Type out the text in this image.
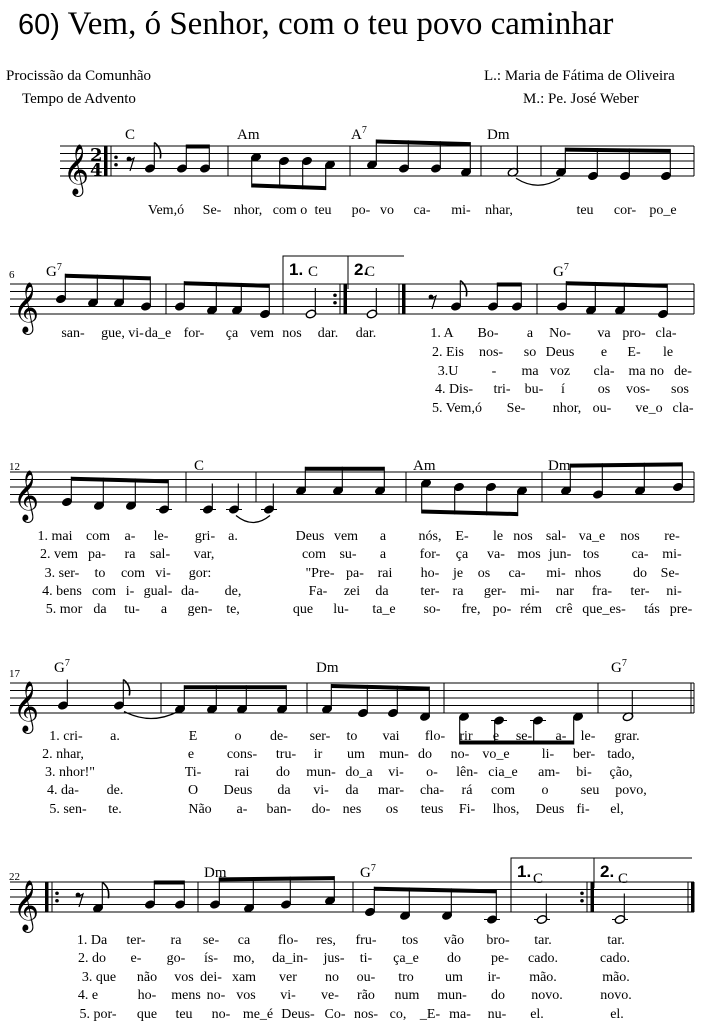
60) Vem, ó Senhor, com o teu povo caminhar
Procissão da Comunhão
Tempo de Advento
L.: Maria de Fátima de Oliveira
M.: Pe. José Weber
𝄞 2
4
C	Am	$A^7$	Dm
Vem,ó Se- nhor, com o teu po- vo ca- mi- nhar,	teu cor- po_e
𝄞
6 $G^7$	1. C 2.
C	$G^7$
san- gue, vi- da_e for- ça vem nos dar. dar.	1. A Bo- a No- va pro- cla-
2. Eis nos- so Deus e E- le
3.U - ma voz cla- ma no de-
4. Dis- tri- bu- í os vos- sos
5. Vem,ó Se- nhor, ou- ve_o cla-
𝄞
12	C	Am	Dm
1. mai com a- le- gri- a.	Deus vem a nós, E- le nos sal- va_e nos re-
2. vem pa- ra sal- var,	com su- a for- ça va- mos jun- tos ca- mi-
3. ser- to com vi- gor:	"Pre- pa- rai ho- je os ca- mi- nhos do Se-
4. bens com i- gual- da- de,	Fa- zei da ter- ra ger- mi- nar fra- ter- ni-
5. mor da tu- a gen- te,	que lu- ta_e so- fre, po- rém crê que_es- tás pre-
𝄞
17 $G^7$	Dm	$G^7$
1. cri- a.	E	o de- ser- to vai flo- rir e se- a- le- grar.
2. nhar,	e cons- tru- ir um mun- do no- vo_e li- ber- tado,
3. nhor!"	Ti- rai do mun- do_a vi- o- lên- cia_e am- bi- ção,
4. da- de.	O Deus da vi- da mar- cha- rá com o seu povo,
5. sen- te.	Não a- ban- do- nes os teus Fi- lhos, Deus fi- el,
𝄞
22	Dm	$G^7$	1. C	2. C
1. Da ter- ra se- ca flo- res, fru- tos vão bro- tar.	tar.
2. do e- go- ís- mo, da_in- jus- ti- ça_e do pe- cado.	cado.
3. que não vos dei- xam ver no ou- tro um ir- mão.	mão.
4. e	ho- mens no- vos vi- ve- rão num mun- do novo.	novo.
5. por- que teu no- me_é Deus- Co- nos- co, _E- ma- nu- el.	el.
